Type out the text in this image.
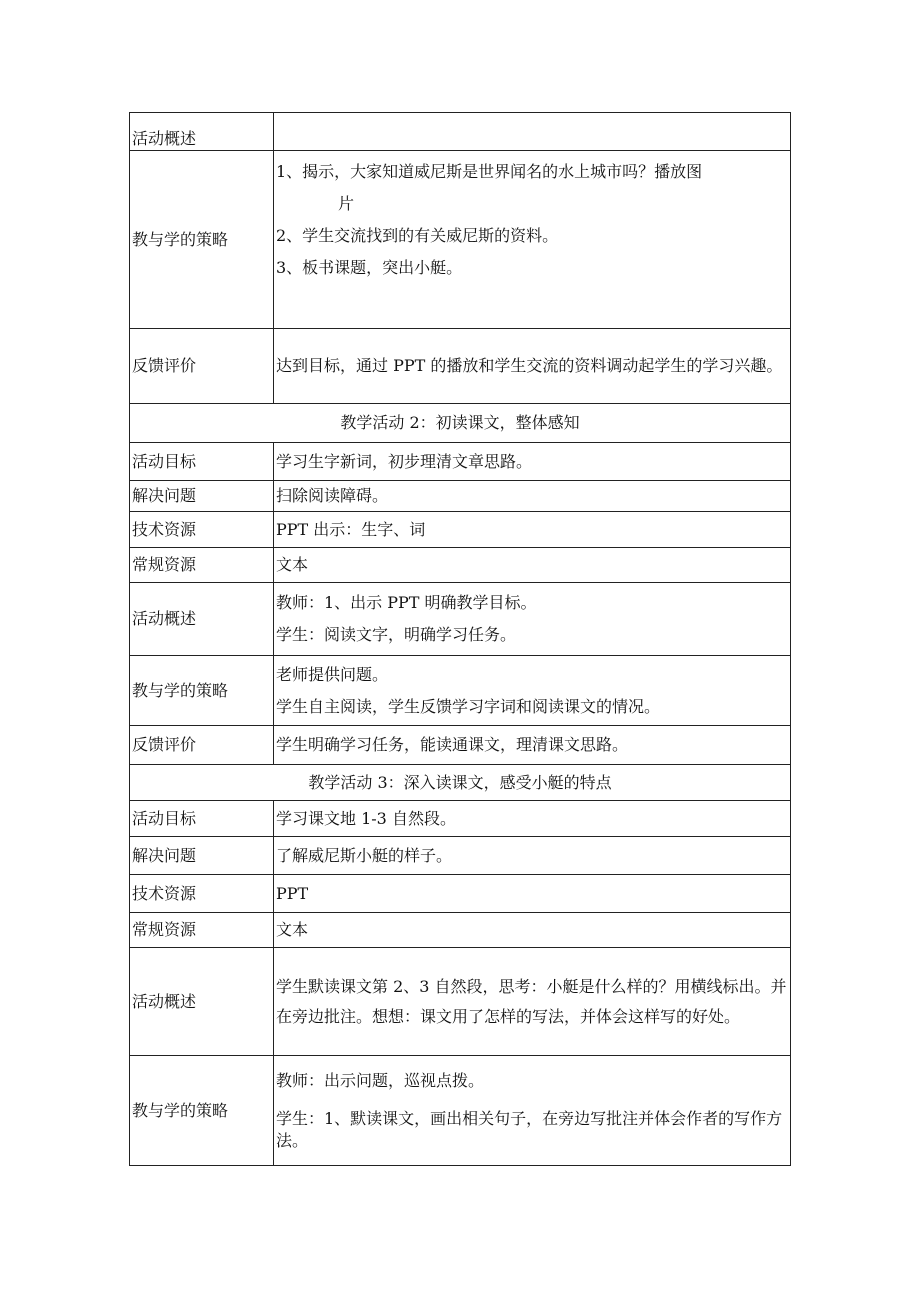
活动概述	

教与学的策略	1、揭示，大家知道威尼斯是世界闻名的水上城市吗？播放图

片

2、学生交流找到的有关威尼斯的资料。

3、板书课题，突出小艇。

反馈评价	达到目标，通过 PPT 的播放和学生交流的资料调动起学生的学习兴趣。

教学活动 2：初读课文，整体感知	

活动目标	学习生字新词，初步理清文章思路。

解决问题	扫除阅读障碍。

技术资源	PPT 出示：生字、词

常规资源	文本

活动概述	教师：1、出示 PPT 明确教学目标。

学生：阅读文字，明确学习任务。

教与学的策略	老师提供问题。

学生自主阅读，学生反馈学习字词和阅读课文的情况。

反馈评价	学生明确学习任务，能读通课文，理清课文思路。
教学活动 3：深入读课文，感受小艇的特点	

活动目标	学习课文地 1-3 自然段。

解决问题	了解威尼斯小艇的样子。

技术资源	PPT

常规资源	文本

活动概述	学生默读课文第 2、3 自然段，思考：小艇是什么样的？用横线标出。并在旁边批注。想想：课文用了怎样的写法，并体会这样写的好处。

教与学的策略	教师：出示问题，巡视点拨。

学生：1、默读课文，画出相关句子，在旁边写批注并体会作者的写作方法。
